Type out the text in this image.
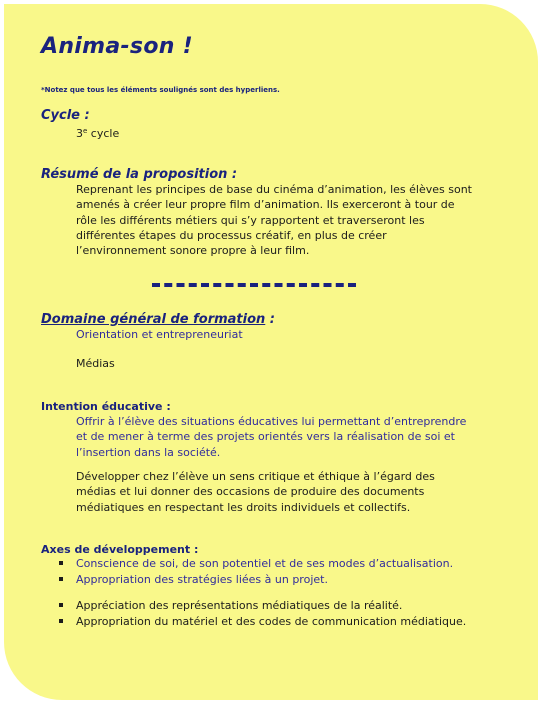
Anima-son !
*Notez que tous les éléments soulignés sont des hyperliens.
Cycle :
3e cycle
Résumé de la proposition :
Reprenant les principes de base du cinéma d’animation, les élèves sont
amenés à créer leur propre film d’animation. Ils exerceront à tour de
rôle les différents métiers qui s’y rapportent et traverseront les
différentes étapes du processus créatif, en plus de créer
l’environnement sonore propre à leur film.
Domaine général de formation :
Orientation et entrepreneuriat
Médias
Intention éducative :
Offrir à l’élève des situations éducatives lui permettant d’entreprendre
et de mener à terme des projets orientés vers la réalisation de soi et
l’insertion dans la société.
Développer chez l’élève un sens critique et éthique à l’égard des
médias et lui donner des occasions de produire des documents
médiatiques en respectant les droits individuels et collectifs.
Axes de développement :
Conscience de soi, de son potentiel et de ses modes d’actualisation.
Appropriation des stratégies liées à un projet.
Appréciation des représentations médiatiques de la réalité.
Appropriation du matériel et des codes de communication médiatique.
